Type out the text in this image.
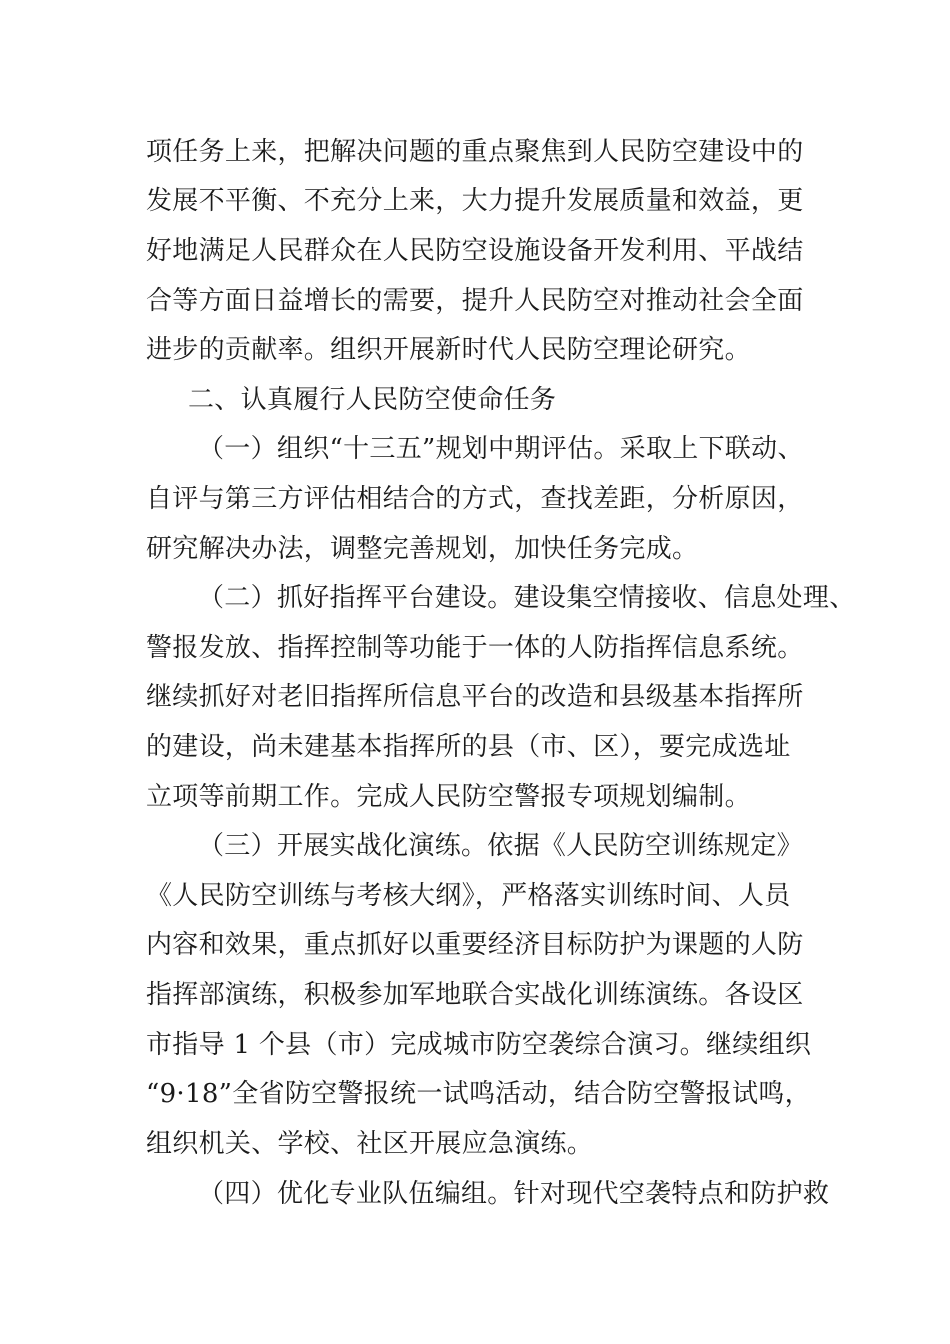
项任务上来，把解决问题的重点聚焦到人民防空建设中的
发展不平衡、不充分上来，大力提升发展质量和效益，更
好地满足人民群众在人民防空设施设备开发利用、平战结
合等方面日益增长的需要，提升人民防空对推动社会全面
进步的贡献率。组织开展新时代人民防空理论研究。
二、认真履行人民防空使命任务
（一）组织“十三五”规划中期评估。采取上下联动、
自评与第三方评估相结合的方式，查找差距，分析原因，
研究解决办法，调整完善规划，加快任务完成。
（二）抓好指挥平台建设。建设集空情接收、信息处理、
警报发放、指挥控制等功能于一体的人防指挥信息系统。
继续抓好对老旧指挥所信息平台的改造和县级基本指挥所
的建设，尚未建基本指挥所的县（市、区），要完成选址
立项等前期工作。完成人民防空警报专项规划编制。
（三）开展实战化演练。依据《人民防空训练规定》
《人民防空训练与考核大纲》，严格落实训练时间、人员
内容和效果，重点抓好以重要经济目标防护为课题的人防
指挥部演练，积极参加军地联合实战化训练演练。各设区
市指导 1 个县（市）完成城市防空袭综合演习。继续组织
“9·18”全省防空警报统一试鸣活动，结合防空警报试鸣，
组织机关、学校、社区开展应急演练。
（四）优化专业队伍编组。针对现代空袭特点和防护救
